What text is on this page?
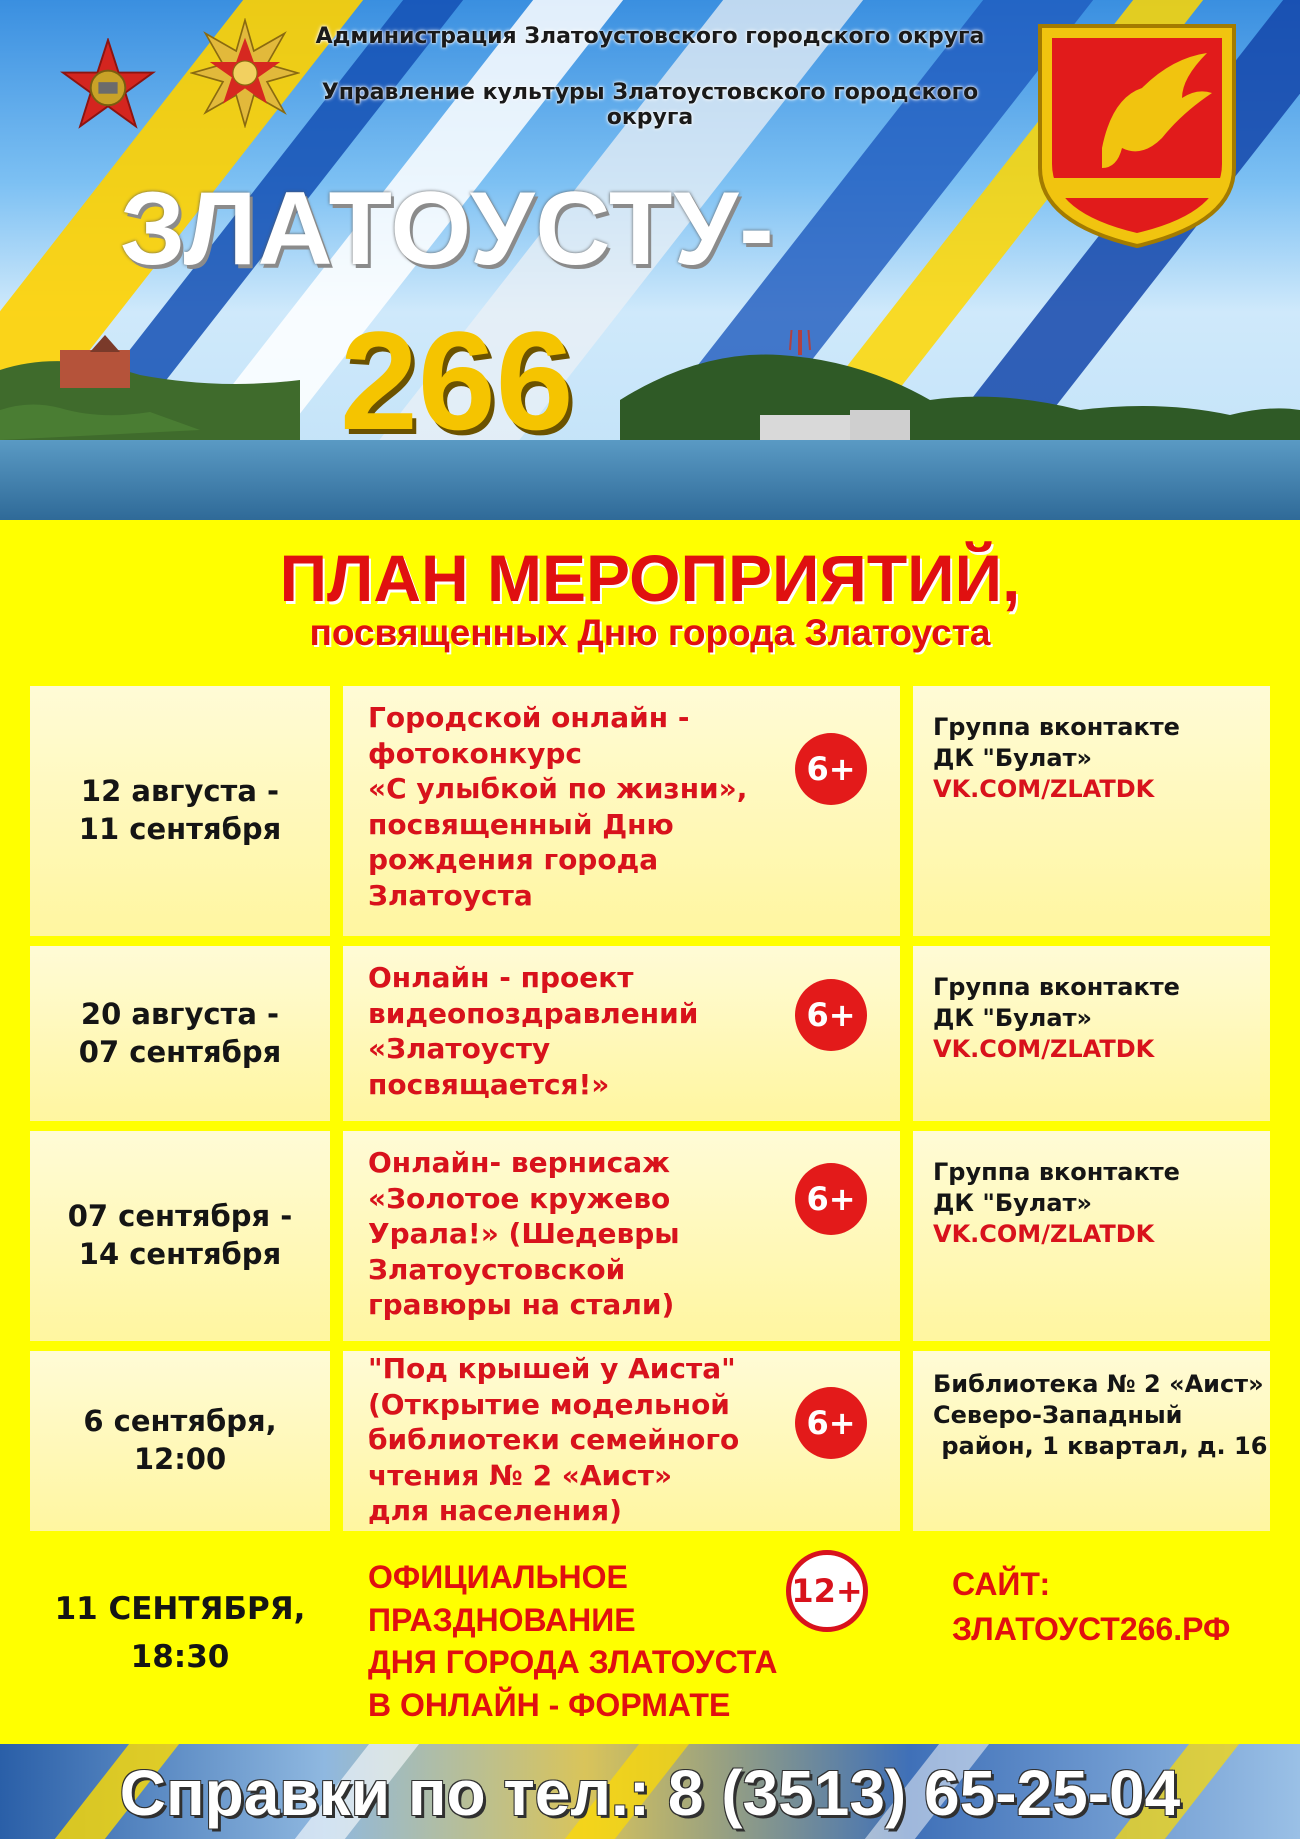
Администрация Златоустовского городского округа
Управление культуры Златоустовского городского округа
ЗЛАТОУСТУ-
266
ПЛАН МЕРОПРИЯТИЙ,
посвященных Дню города Златоуста
12 августа -
11 сентября
Городской онлайн -
фотоконкурс
«С улыбкой по жизни»,
посвященный Дню
рождения города
Златоуста
6+
Группа вконтакте
ДК "Булат»
VK.COM/ZLATDK
20 августа -
07 сентября
Онлайн - проект
видеопоздравлений
«Златоусту
посвящается!»
6+
Группа вконтакте
ДК "Булат»
VK.COM/ZLATDK
07 сентября -
14 сентября
Онлайн- вернисаж
«Золотое кружево
Урала!» (Шедевры
Златоустовской
гравюры на стали)
6+
Группа вконтакте
ДК "Булат»
VK.COM/ZLATDK
6 сентября,
12:00
"Под крышей у Аиста"
(Открытие модельной
библиотеки семейного
чтения № 2 «Аист»
для населения)
6+
Библиотека № 2 «Аист»
Северо-Западный
район, 1 квартал, д. 16
11 СЕНТЯБРЯ,
18:30
ОФИЦИАЛЬНОЕ
ПРАЗДНОВАНИЕ
ДНЯ ГОРОДА ЗЛАТОУСТА
В ОНЛАЙН - ФОРМАТЕ
12+	САЙТ:
ЗЛАТОУСТ266.РФ
Справки по тел.: 8 (3513) 65-25-04
